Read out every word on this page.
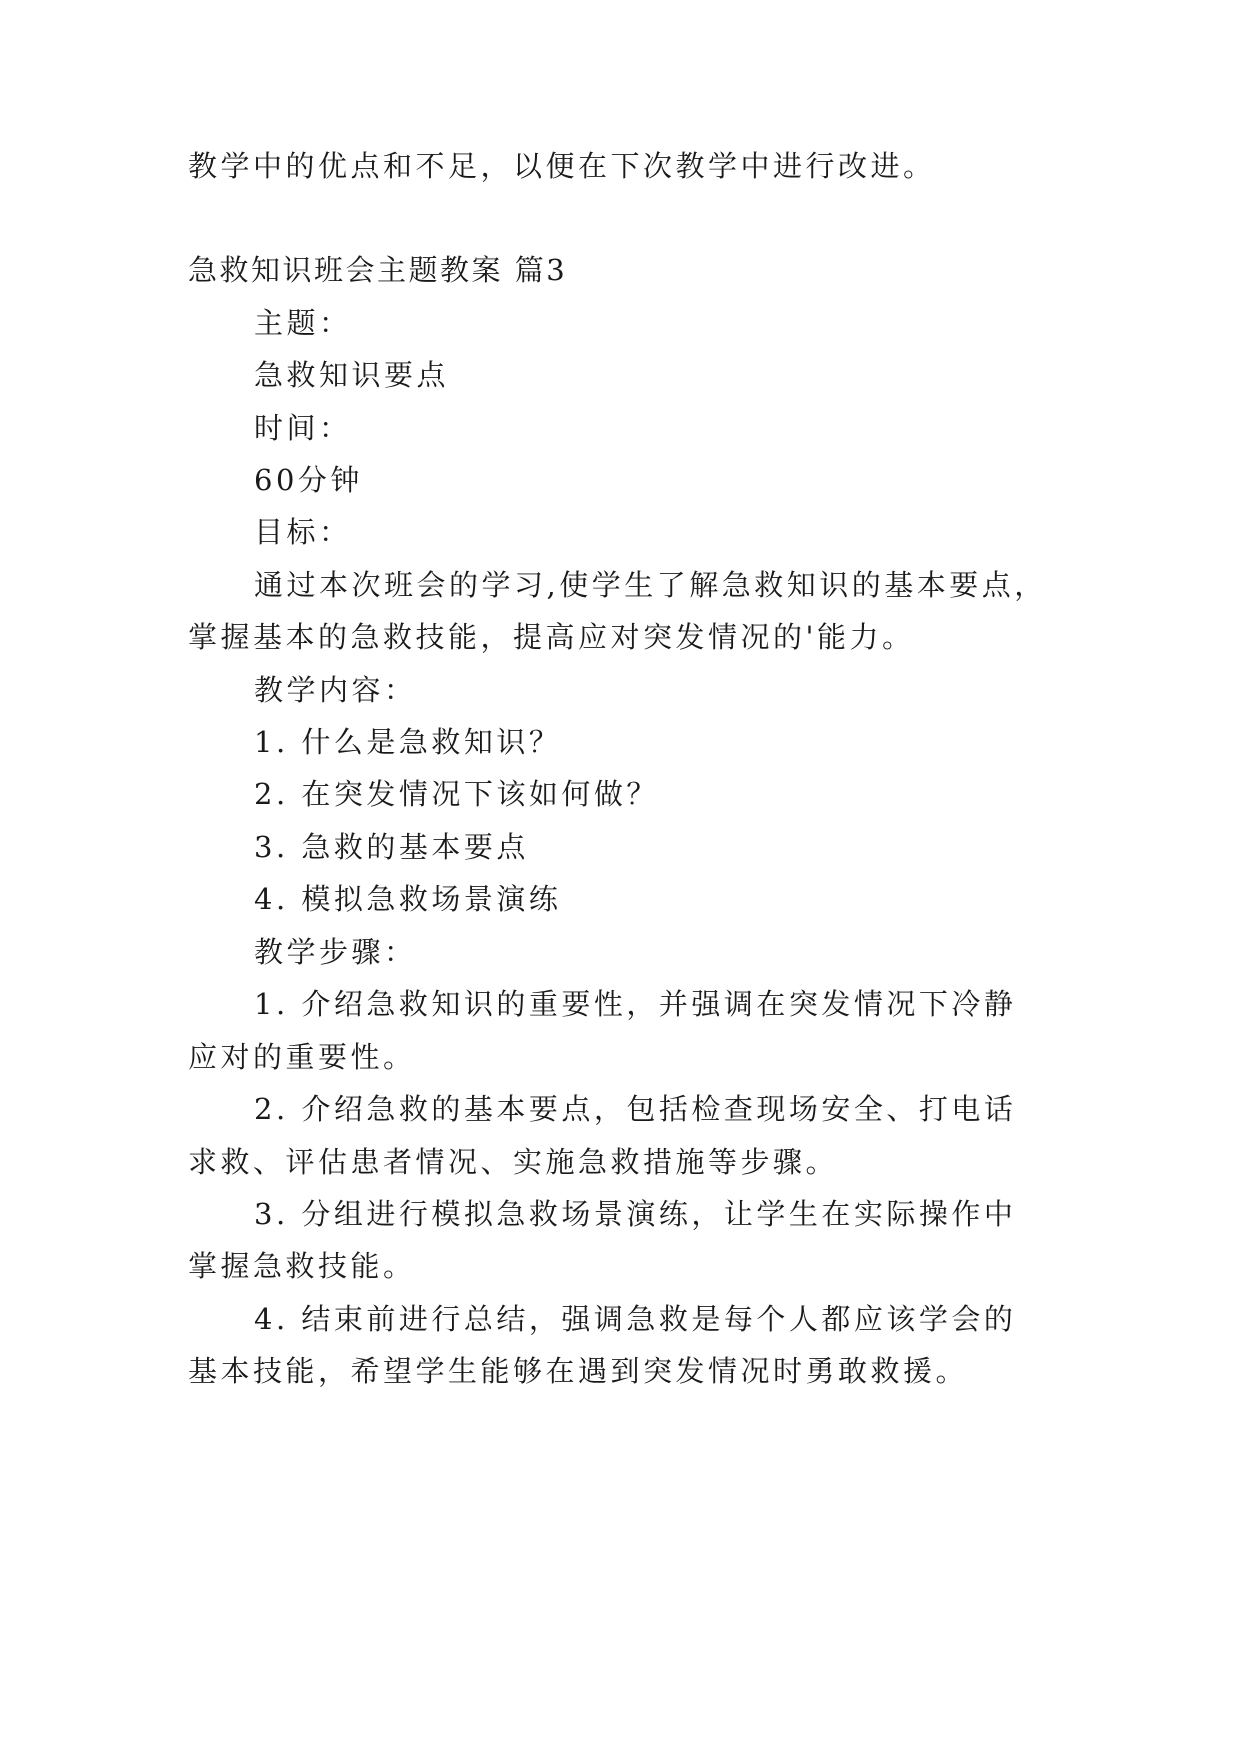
教学中的优点和不足，以便在下次教学中进行改进。
急救知识班会主题教案 篇3
主题：
急救知识要点
时间：
60分钟
目标：
通过本次班会的学习,使学生了解急救知识的基本要点，
掌握基本的急救技能，提高应对突发情况的'能力。
教学内容：
1. 什么是急救知识？
2. 在突发情况下该如何做？
3. 急救的基本要点
4. 模拟急救场景演练
教学步骤：
1. 介绍急救知识的重要性，并强调在突发情况下冷静
应对的重要性。
2. 介绍急救的基本要点，包括检查现场安全、打电话
求救、评估患者情况、实施急救措施等步骤。
3. 分组进行模拟急救场景演练，让学生在实际操作中
掌握急救技能。
4. 结束前进行总结，强调急救是每个人都应该学会的
基本技能，希望学生能够在遇到突发情况时勇敢救援。
